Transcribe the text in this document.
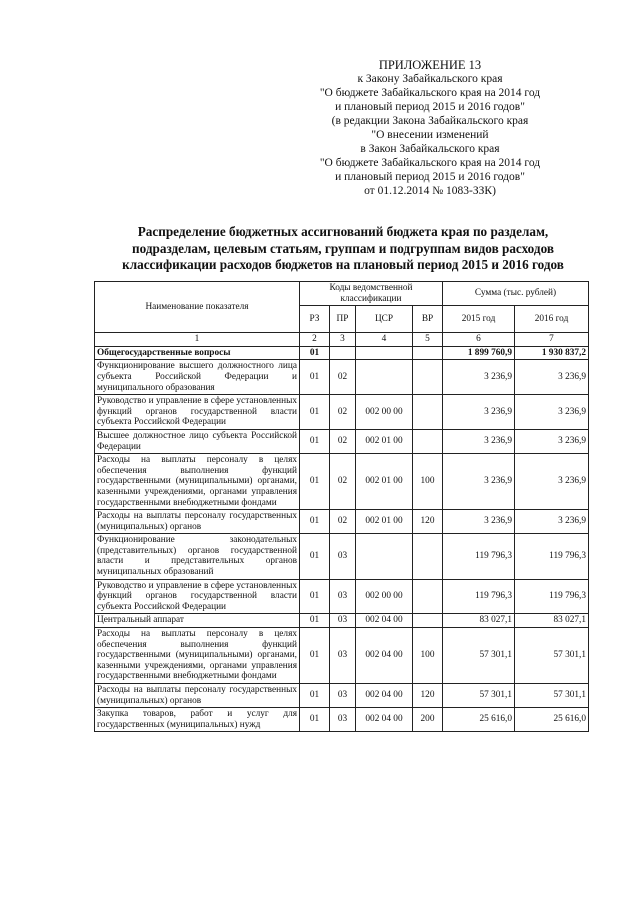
ПРИЛОЖЕНИЕ 13
к Закону Забайкальского края
"О бюджете Забайкальского края на 2014 год
и плановый период 2015 и 2016 годов"
(в редакции Закона Забайкальского края
"О внесении изменений
в Закон Забайкальского края
"О бюджете Забайкальского края на 2014 год
и плановый период 2015 и 2016 годов"
от 01.12.2014 № 1083-ЗЗК)
Распределение бюджетных ассигнований бюджета края по разделам,
подразделам, целевым статьям, группам и подгруппам видов расходов
классификации расходов бюджетов на плановый период 2015 и 2016 годов
Наименование показателя	Коды ведомственной классификации				Сумма (тыс. рублей)	
	РЗ	ПР	ЦСР	ВР	2015 год	2016 год
1	2	3	4	5	6	7
Общегосударственные вопросы	01				1 899 760,9	1 930 837,2
Функционирование высшего должностного лица субъекта Российской Федерации и муниципального образования	01	02			3 236,9	3 236,9
Руководство и управление в сфере установленных функций органов государственной власти субъекта Российской Федерации	01	02	002 00 00		3 236,9	3 236,9
Высшее должностное лицо субъекта Российской Федерации	01	02	002 01 00		3 236,9	3 236,9
Расходы на выплаты персоналу в целях обеспечения выполнения функций государственными (муниципальными) органами, казенными учреждениями, органами управления государственными внебюджетными фондами	01	02	002 01 00	100	3 236,9	3 236,9
Расходы на выплаты персоналу государственных (муниципальных) органов	01	02	002 01 00	120	3 236,9	3 236,9
Функционирование законодательных (представительных) органов государственной власти и представительных органов муниципальных образований	01	03			119 796,3	119 796,3
Руководство и управление в сфере установленных функций органов государственной власти субъекта Российской Федерации	01	03	002 00 00		119 796,3	119 796,3
Центральный аппарат	01	03	002 04 00		83 027,1	83 027,1
Расходы на выплаты персоналу в целях обеспечения выполнения функций государственными (муниципальными) органами, казенными учреждениями, органами управления государственными внебюджетными фондами	01	03	002 04 00	100	57 301,1	57 301,1
Расходы на выплаты персоналу государственных (муниципальных) органов	01	03	002 04 00	120	57 301,1	57 301,1
Закупка товаров, работ и услуг для государственных (муниципальных) нужд	01	03	002 04 00	200	25 616,0	25 616,0
